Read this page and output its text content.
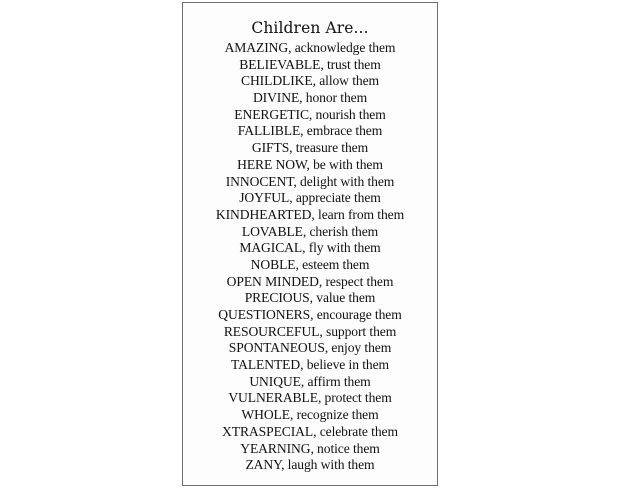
Children Are...
AMAZING, acknowledge them
BELIEVABLE, trust them
CHILDLIKE, allow them
DIVINE, honor them
ENERGETIC, nourish them
FALLIBLE, embrace them
GIFTS, treasure them
HERE NOW, be with them
INNOCENT, delight with them
JOYFUL, appreciate them
KINDHEARTED, learn from them
LOVABLE, cherish them
MAGICAL, fly with them
NOBLE, esteem them
OPEN MINDED, respect them
PRECIOUS, value them
QUESTIONERS, encourage them
RESOURCEFUL, support them
SPONTANEOUS, enjoy them
TALENTED, believe in them
UNIQUE, affirm them
VULNERABLE, protect them
WHOLE, recognize them
XTRASPECIAL, celebrate them
YEARNING, notice them
ZANY, laugh with them
